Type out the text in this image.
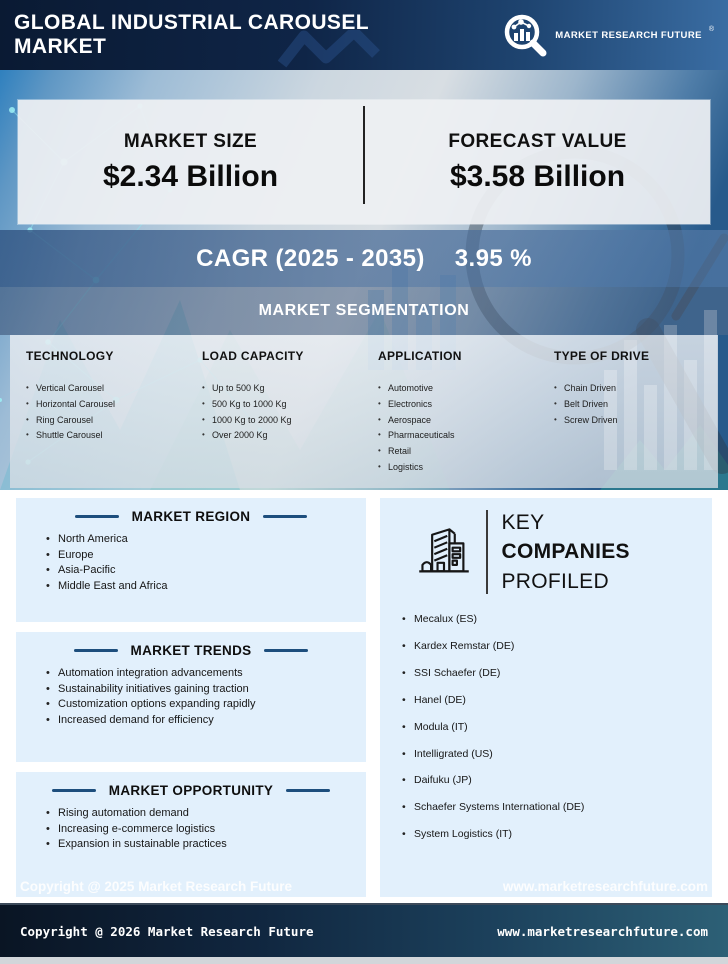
GLOBAL INDUSTRIAL CAROUSEL
MARKET	MARKET RESEARCH FUTURE
®
MARKET SIZE
$2.34 Billion
FORECAST VALUE
$3.58 Billion
CAGR (2025 - 2035) 3.95 %
MARKET SEGMENTATION
TECHNOLOGY
• Vertical Carousel
• Horizontal Carousel
• Ring Carousel
• Shuttle Carousel
LOAD CAPACITY
• Up to 500 Kg
• 500 Kg to 1000 Kg
• 1000 Kg to 2000 Kg
• Over 2000 Kg
APPLICATION
• Automotive
• Electronics
• Aerospace
• Pharmaceuticals
• Retail
• Logistics
TYPE OF DRIVE
• Chain Driven
• Belt Driven
• Screw Driven
MARKET REGION
• North America
• Europe
• Asia-Pacific
• Middle East and Africa
MARKET TRENDS
• Automation integration advancements
• Sustainability initiatives gaining traction
• Customization options expanding rapidly
• Increased demand for efficiency
MARKET OPPORTUNITY
• Rising automation demand
• Increasing e-commerce logistics
• Expansion in sustainable practices
KEY
COMPANIES
PROFILED
• Mecalux (ES)
• Kardex Remstar (DE)
• SSI Schaefer (DE)
• Hanel (DE)
• Modula (IT)
• Intelligrated (US)
• Daifuku (JP)
• Schaefer Systems International (DE)
• System Logistics (IT)
Copyright @ 2025 Market Research Future	www.marketresearchfuture.com
Copyright @ 2026 Market Research Future	www.marketresearchfuture.com
